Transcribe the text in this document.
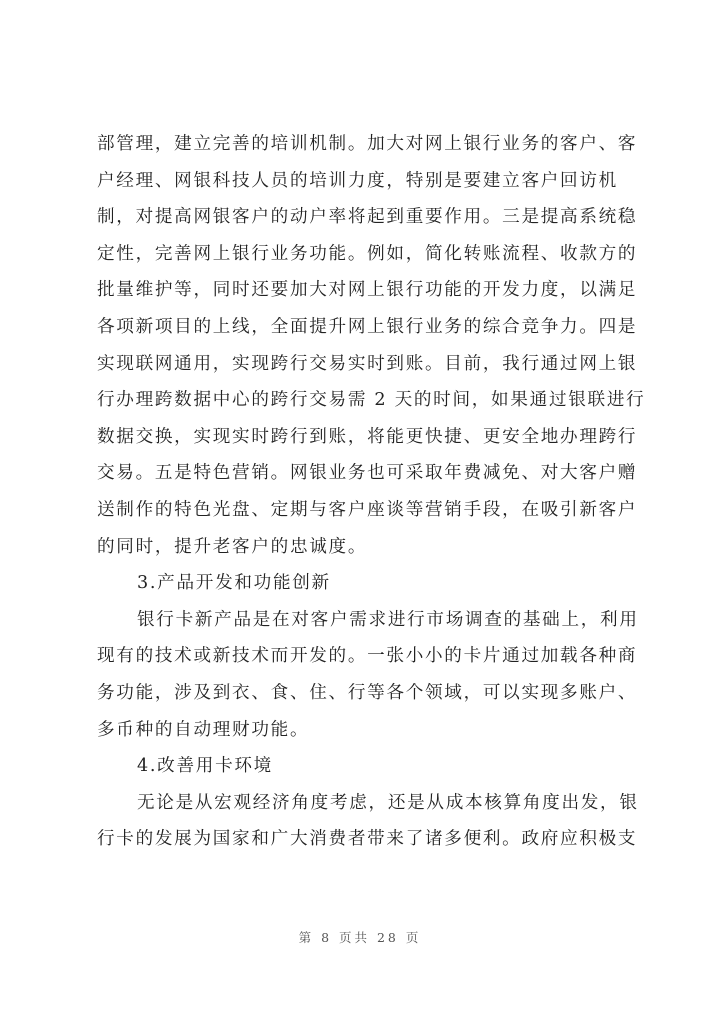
部管理，建立完善的培训机制。加大对网上银行业务的客户、客
户经理、网银科技人员的培训力度，特别是要建立客户回访机
制，对提高网银客户的动户率将起到重要作用。三是提高系统稳
定性，完善网上银行业务功能。例如，简化转账流程、收款方的
批量维护等，同时还要加大对网上银行功能的开发力度，以满足
各项新项目的上线，全面提升网上银行业务的综合竞争力。四是
实现联网通用，实现跨行交易实时到账。目前，我行通过网上银
行办理跨数据中心的跨行交易需 2 天的时间，如果通过银联进行
数据交换，实现实时跨行到账，将能更快捷、更安全地办理跨行
交易。五是特色营销。网银业务也可采取年费减免、对大客户赠
送制作的特色光盘、定期与客户座谈等营销手段，在吸引新客户
的同时，提升老客户的忠诚度。
3.产品开发和功能创新
银行卡新产品是在对客户需求进行市场调查的基础上，利用
现有的技术或新技术而开发的。一张小小的卡片通过加载各种商
务功能，涉及到衣、食、住、行等各个领域，可以实现多账户、
多币种的自动理财功能。
4.改善用卡环境
无论是从宏观经济角度考虑，还是从成本核算角度出发，银
行卡的发展为国家和广大消费者带来了诸多便利。政府应积极支
第 8 页共 28 页
